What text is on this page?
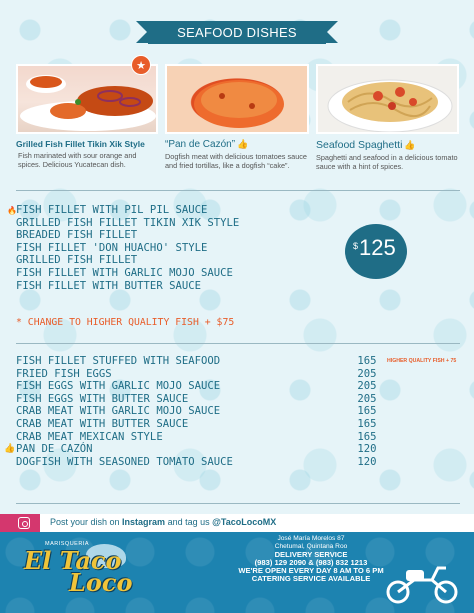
SEAFOOD DISHES
Grilled Fish Fillet Tikin Xik Style

Fish marinated with sour orange and spices. Delicious Yucatecan dish.

★
“Pan de Cazón” 👍

Dogfish meat with delicious tomatoes sauce and fried tortillas, like a dogfish “cake”.

Seafood Spaghetti 👍

Spaghetti and seafood in a delicious tomato sauce with a hint of spices.

🔥 FISH FILLET WITH PIL PIL SAUCE
GRILLED FISH FILLET TIKIN XIK STYLE
BREADED FISH FILLET
FISH FILLET 'DON HUACHO' STYLE
GRILLED FISH FILLET
FISH FILLET WITH GARLIC MOJO SAUCE
FISH FILLET WITH BUTTER SAUCE
$ 125
* CHANGE TO HIGHER QUALITY FISH + $75
FISH FILLET STUFFED WITH SEAFOOD	165
FRIED FISH EGGS	205
FISH EGGS WITH GARLIC MOJO SAUCE	205
FISH EGGS WITH BUTTER SAUCE	205
CRAB MEAT WITH GARLIC MOJO SAUCE	165
CRAB MEAT WITH BUTTER SAUCE	165
CRAB MEAT MEXICAN STYLE	165
👍 PAN DE CAZÓN	120
DOGFISH WITH SEASONED TOMATO SAUCE	120
HIGHER QUALITY FISH + 75
Post your dish on Instagram and tag us @TacoLocoMX
MARISQUERIA
El Taco
Loco
José María Morelos 87
Chetumal, Quintana Roo
DELIVERY SERVICE
(983) 129 2090 & (983) 832 1213
WE'RE OPEN EVERY DAY 8 AM TO 6 PM
CATERING SERVICE AVAILABLE
